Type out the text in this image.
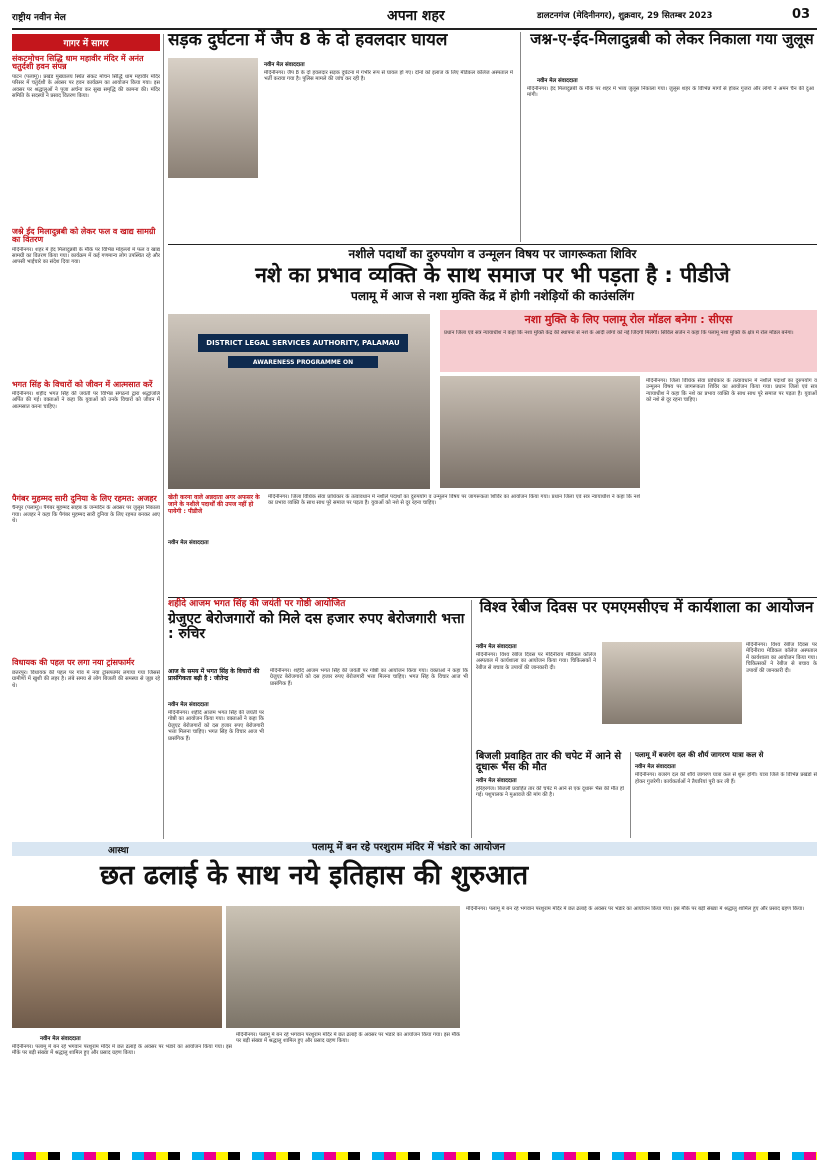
राष्ट्रीय नवीन मेल	अपना शहर	डालटनगंज (मेदिनीनगर), शुक्रवार, 29 सितम्बर 2023	03
गागर में सागर
संकटमोचन सिद्धि धाम महावीर मंदिर में अनंत चतुर्दशी हवन संपन्न
पाटन (पलामू)। प्रखंड मुख्यालय स्थित संकट मोचन सिद्धि धाम महावीर मंदिर परिसर में चतुर्दशी के अवसर पर हवन कार्यक्रम का आयोजन किया गया। इस अवसर पर श्रद्धालुओं ने पूजा अर्चना कर सुख समृद्धि की कामना की। मंदिर समिति के सदस्यों ने प्रसाद वितरण किया।
जश्ने ईद मिलादुन्नबी को लेकर फल व खाद्य सामग्री का वितरण
मेदिनीनगर। शहर में ईद मिलादुन्नबी के मौके पर विभिन्न मोहल्लों में फल व खाद्य सामग्री का वितरण किया गया। कार्यक्रम में कई गणमान्य लोग उपस्थित रहे और आपसी भाईचारे का संदेश दिया गया।
भगत सिंह के विचारों को जीवन में आत्मसात करें
मेदिनीनगर। शहीद भगत सिंह की जयंती पर विभिन्न संगठनों द्वारा श्रद्धांजलि अर्पित की गई। वक्ताओं ने कहा कि युवाओं को उनके विचारों को जीवन में आत्मसात करना चाहिए।
पैगंबर मुहम्मद सारी दुनिया के लिए रहमत: अजहर
चैनपुर (पलामू)। पैगंबर मुहम्मद साहब के जन्मदिन के अवसर पर जुलूस निकाला गया। अजहर ने कहा कि पैगंबर मुहम्मद सारी दुनिया के लिए रहमत बनकर आए थे।
विधायक की पहल पर लगा नया ट्रांसफार्मर
छतरपुर। विधायक की पहल पर गांव में नया ट्रांसफार्मर लगाया गया जिससे ग्रामीणों में खुशी की लहर है। लंबे समय से लोग बिजली की समस्या से जूझ रहे थे।
सड़क दुर्घटना में जैप 8 के दो हवलदार घायल
नवीन मेल संवाददाता
मेदिनीनगर। जैप 8 के दो हवलदार सड़क दुर्घटना में गंभीर रूप से घायल हो गए। दोनों को इलाज के लिए मेडिकल कॉलेज अस्पताल में भर्ती कराया गया है। पुलिस मामले की जांच कर रही है।
जश्न-ए-ईद-मिलादुन्नबी को लेकर निकाला गया जुलूस
नवीन मेल संवाददाता
मेदिनीनगर। ईद मिलादुन्नबी के मौके पर शहर में भव्य जुलूस निकाला गया। जुलूस शहर के विभिन्न मार्गों से होकर गुजरा और लोगों ने अमन चैन की दुआ मांगी।
नशीले पदार्थों का दुरुपयोग व उन्मूलन विषय पर जागरूकता शिविर
नशे का प्रभाव व्यक्ति के साथ समाज पर भी पड़ता है : पीडीजे
पलामू में आज से नशा मुक्ति केंद्र में होगी नशेड़ियों की काउंसलिंग
DISTRICT LEGAL SERVICES AUTHORITY, PALAMAU
AWARENESS PROGRAMME ON
नशा मुक्ति के लिए पलामू रोल मॉडल बनेगा : सीएस
प्रधान जिला एवं सत्र न्यायाधीश ने कहा कि नशा मुक्ति केंद्र की स्थापना से नशे के आदी लोगों को नई जिंदगी मिलेगी। सिविल सर्जन ने कहा कि पलामू नशा मुक्ति के क्षेत्र में रोल मॉडल बनेगा।
मेदिनीनगर। जिला विधिक सेवा प्राधिकार के तत्वावधान में नशीले पदार्थों का दुरुपयोग व उन्मूलन विषय पर जागरूकता शिविर का आयोजन किया गया। प्रधान जिला एवं सत्र न्यायाधीश ने कहा कि नशे का प्रभाव व्यक्ति के साथ साथ पूरे समाज पर पड़ता है। युवाओं को नशे से दूर रहना चाहिए।
खेती करना वाले अन्नदाता अगर अफसर के जाने के नशीले पदार्थों की उपज नहीं हो पायेगी : पीडीजे
नवीन मेल संवाददाता
मेदिनीनगर। जिला विधिक सेवा प्राधिकार के तत्वावधान में नशीले पदार्थों का दुरुपयोग व उन्मूलन विषय पर जागरूकता शिविर का आयोजन किया गया। प्रधान जिला एवं सत्र न्यायाधीश ने कहा कि नशे का प्रभाव व्यक्ति के साथ साथ पूरे समाज पर पड़ता है। युवाओं को नशे से दूर रहना चाहिए।
शहीदे आजम भगत सिंह की जयंती पर गोष्ठी आयोजित
ग्रेजुएट बेरोजगारों को मिले दस हजार रुपए बेरोजगारी भत्ता : रुचिर
आज के समय में भगत सिंह के विचारों की प्रासंगिकता बढ़ी है : जीतेन्द्र
नवीन मेल संवाददाता
मेदिनीनगर। शहीदे आजम भगत सिंह की जयंती पर गोष्ठी का आयोजन किया गया। वक्ताओं ने कहा कि ग्रेजुएट बेरोजगारों को दस हजार रुपए बेरोजगारी भत्ता मिलना चाहिए। भगत सिंह के विचार आज भी प्रासंगिक हैं।
मेदिनीनगर। शहीदे आजम भगत सिंह की जयंती पर गोष्ठी का आयोजन किया गया। वक्ताओं ने कहा कि ग्रेजुएट बेरोजगारों को दस हजार रुपए बेरोजगारी भत्ता मिलना चाहिए। भगत सिंह के विचार आज भी प्रासंगिक हैं।
विश्व रेबीज दिवस पर एमएमसीएच में कार्यशाला का आयोजन
नवीन मेल संवाददाता
मेदिनीनगर। विश्व रेबीज दिवस पर मेदिनीराय मेडिकल कॉलेज अस्पताल में कार्यशाला का आयोजन किया गया। चिकित्सकों ने रेबीज से बचाव के उपायों की जानकारी दी।
मेदिनीनगर। विश्व रेबीज दिवस पर मेदिनीराय मेडिकल कॉलेज अस्पताल में कार्यशाला का आयोजन किया गया। चिकित्सकों ने रेबीज से बचाव के उपायों की जानकारी दी।
बिजली प्रवाहित तार की चपेट में आने से दूधारू भैंस की मौत
नवीन मेल संवाददाता
हरिहरगंज। बिजली प्रवाहित तार की चपेट में आने से एक दूधारू भैंस की मौत हो गई। पशुपालक ने मुआवजे की मांग की है।
पलामू में बजरंग दल की शौर्य जागरण यात्रा कल से
नवीन मेल संवाददाता
मेदिनीनगर। बजरंग दल की शौर्य जागरण यात्रा कल से शुरू होगी। यात्रा जिले के विभिन्न प्रखंडों से होकर गुजरेगी। कार्यकर्ताओं ने तैयारियां पूरी कर ली हैं।
आस्था	पलामू में बन रहे परशुराम मंदिर में भंडारे का आयोजन
छत ढलाई के साथ नये इतिहास की शुरुआत
नवीन मेल संवाददाता
मेदिनीनगर। पलामू में बन रहे भगवान परशुराम मंदिर में छत ढलाई के अवसर पर भंडारे का आयोजन किया गया। इस मौके पर बड़ी संख्या में श्रद्धालु शामिल हुए और प्रसाद ग्रहण किया।
मेदिनीनगर। पलामू में बन रहे भगवान परशुराम मंदिर में छत ढलाई के अवसर पर भंडारे का आयोजन किया गया। इस मौके पर बड़ी संख्या में श्रद्धालु शामिल हुए और प्रसाद ग्रहण किया।
मेदिनीनगर। पलामू में बन रहे भगवान परशुराम मंदिर में छत ढलाई के अवसर पर भंडारे का आयोजन किया गया। इस मौके पर बड़ी संख्या में श्रद्धालु शामिल हुए और प्रसाद ग्रहण किया।
